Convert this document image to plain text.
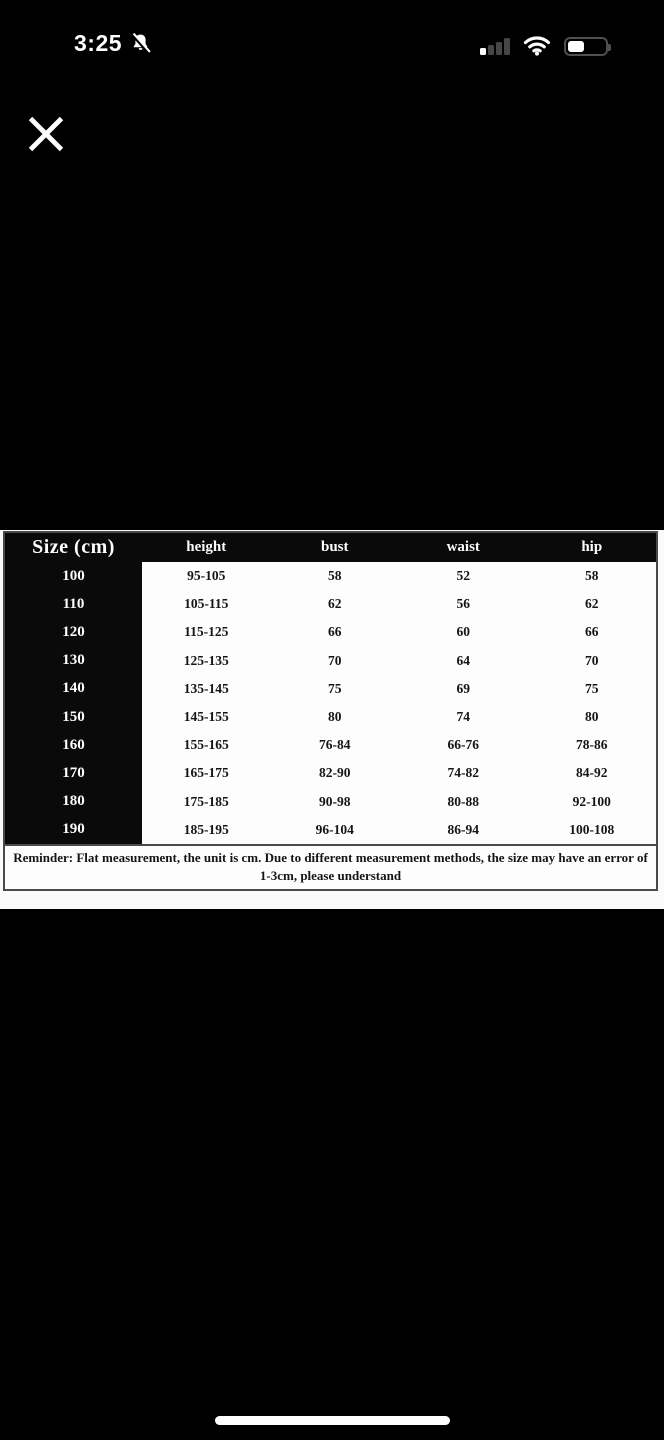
3:25
Size (cm)	height	bust	waist	hip
100	95-105	58	52	58
110	105-115	62	56	62
120	115-125	66	60	66
130	125-135	70	64	70
140	135-145	75	69	75
150	145-155	80	74	80
160	155-165	76-84	66-76	78-86
170	165-175	82-90	74-82	84-92
180	175-185	90-98	80-88	92-100
190	185-195	96-104	86-94	100-108
Reminder: Flat measurement, the unit is cm. Due to different measurement methods, the size may have an error of 1-3cm, please understand
